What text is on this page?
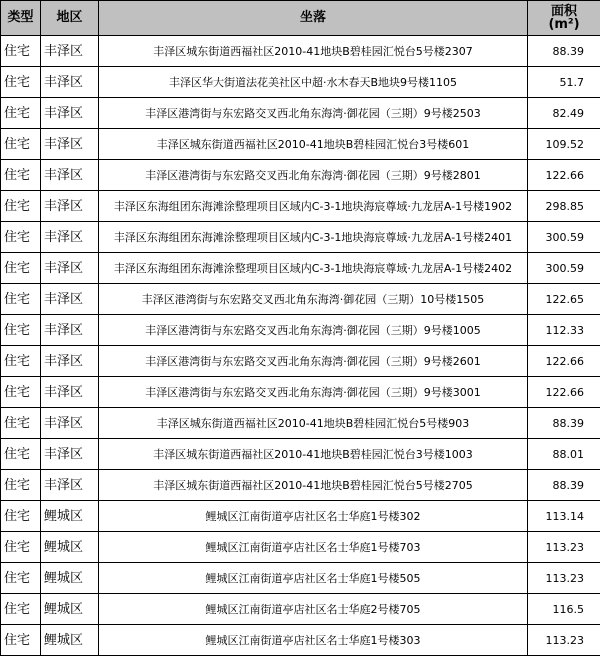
类型	地区	坐落	面积
(m²)

住宅	丰泽区	丰泽区城东街道西福社区2010-41地块B碧桂园汇悦台5号楼2307	88.39
住宅	丰泽区	丰泽区华大街道法花美社区中超·水木春天B地块9号楼1105	51.7
住宅	丰泽区	丰泽区港湾街与东宏路交叉西北角东海湾·御花园（三期）9号楼2503	82.49
住宅	丰泽区	丰泽区城东街道西福社区2010-41地块B碧桂园汇悦台3号楼601	109.52
住宅	丰泽区	丰泽区港湾街与东宏路交叉西北角东海湾·御花园（三期）9号楼2801	122.66
住宅	丰泽区	丰泽区东海组团东海滩涂整理项目区域内C-3-1地块海宸尊域·九龙居A-1号楼1902	298.85
住宅	丰泽区	丰泽区东海组团东海滩涂整理项目区域内C-3-1地块海宸尊域·九龙居A-1号楼2401	300.59
住宅	丰泽区	丰泽区东海组团东海滩涂整理项目区域内C-3-1地块海宸尊域·九龙居A-1号楼2402	300.59
住宅	丰泽区	丰泽区港湾街与东宏路交叉西北角东海湾·御花园（三期）10号楼1505	122.65
住宅	丰泽区	丰泽区港湾街与东宏路交叉西北角东海湾·御花园（三期）9号楼1005	112.33
住宅	丰泽区	丰泽区港湾街与东宏路交叉西北角东海湾·御花园（三期）9号楼2601	122.66
住宅	丰泽区	丰泽区港湾街与东宏路交叉西北角东海湾·御花园（三期）9号楼3001	122.66
住宅	丰泽区	丰泽区城东街道西福社区2010-41地块B碧桂园汇悦台5号楼903	88.39
住宅	丰泽区	丰泽区城东街道西福社区2010-41地块B碧桂园汇悦台3号楼1003	88.01
住宅	丰泽区	丰泽区城东街道西福社区2010-41地块B碧桂园汇悦台5号楼2705	88.39
住宅	鲤城区	鲤城区江南街道亭店社区名士华庭1号楼302	113.14
住宅	鲤城区	鲤城区江南街道亭店社区名士华庭1号楼703	113.23
住宅	鲤城区	鲤城区江南街道亭店社区名士华庭1号楼505	113.23
住宅	鲤城区	鲤城区江南街道亭店社区名士华庭2号楼705	116.5
住宅	鲤城区	鲤城区江南街道亭店社区名士华庭1号楼303	113.23
